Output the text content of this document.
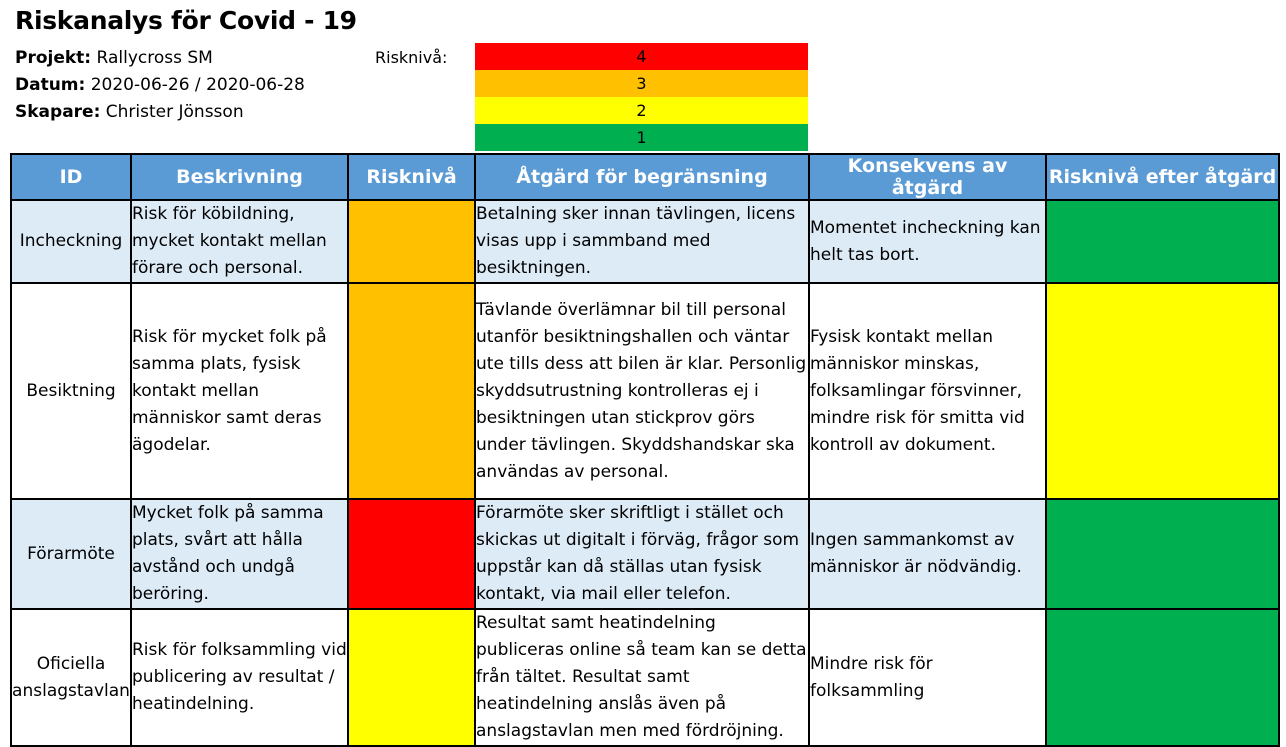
Riskanalys för Covid - 19
Projekt: Rallycross SM
Datum: 2020-06-26 / 2020-06-28
Skapare: Christer Jönsson
Risknivå:	4
3
2
1
ID	Beskrivning	Risknivå	Åtgärd för begränsning	Konsekvens av åtgärd	Risknivå efter åtgärd
Incheckning	Risk för köbildning, mycket kontakt mellan förare och personal.		Betalning sker innan tävlingen, licens visas upp i sammband med besiktningen.	Momentet incheckning kan helt tas bort.	
Besiktning	Risk för mycket folk på samma plats, fysisk kontakt mellan människor samt deras ägodelar.		Tävlande överlämnar bil till personal utanför besiktningshallen och väntar ute tills dess att bilen är klar. Personlig skyddsutrustning kontrolleras ej i besiktningen utan stickprov görs under tävlingen. Skyddshandskar ska användas av personal.	Fysisk kontakt mellan människor minskas, folksamlingar försvinner, mindre risk för smitta vid kontroll av dokument.	
Förarmöte	Mycket folk på samma plats, svårt att hålla avstånd och undgå beröring.		Förarmöte sker skriftligt i stället och skickas ut digitalt i förväg, frågor som uppstår kan då ställas utan fysisk kontakt, via mail eller telefon.	Ingen sammankomst av människor är nödvändig.	
Oficiella anslagstavlan	Risk för folksammling vid publicering av resultat / heatindelning.		Resultat samt heatindelning publiceras online så team kan se detta från tältet. Resultat samt heatindelning anslås även på anslagstavlan men med fördröjning.	Mindre risk för folksammling	
